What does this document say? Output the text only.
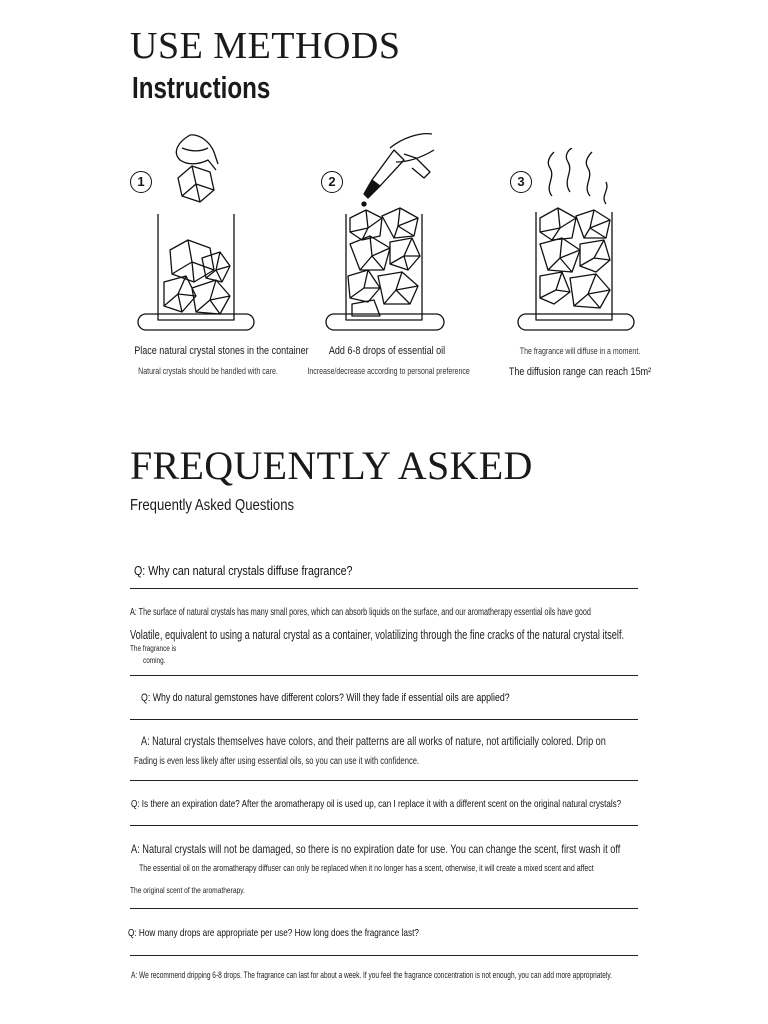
USE METHODS
Instructions
1
Place natural crystal stones in the container
Natural crystals should be handled with care.
2
Add 6-8 drops of essential oil
Increase/decrease according to personal preference
3
The fragrance will diffuse in a moment.
The diffusion range can reach 15m²
FREQUENTLY ASKED
Frequently Asked Questions
Q: Why can natural crystals diffuse fragrance?
A: The surface of natural crystals has many small pores, which can absorb liquids on the surface, and our aromatherapy essential oils have good
Volatile, equivalent to using a natural crystal as a container, volatilizing through the fine cracks of the natural crystal itself.
The fragrance is
coming.
Q: Why do natural gemstones have different colors? Will they fade if essential oils are applied?
A: Natural crystals themselves have colors, and their patterns are all works of nature, not artificially colored. Drip on
Fading is even less likely after using essential oils, so you can use it with confidence.
Q: Is there an expiration date? After the aromatherapy oil is used up, can I replace it with a different scent on the original natural crystals?
A: Natural crystals will not be damaged, so there is no expiration date for use. You can change the scent, first wash it off
The essential oil on the aromatherapy diffuser can only be replaced when it no longer has a scent, otherwise, it will create a mixed scent and affect
The original scent of the aromatherapy.
Q: How many drops are appropriate per use? How long does the fragrance last?
A: We recommend dripping 6-8 drops. The fragrance can last for about a week. If you feel the fragrance concentration is not enough, you can add more appropriately.
